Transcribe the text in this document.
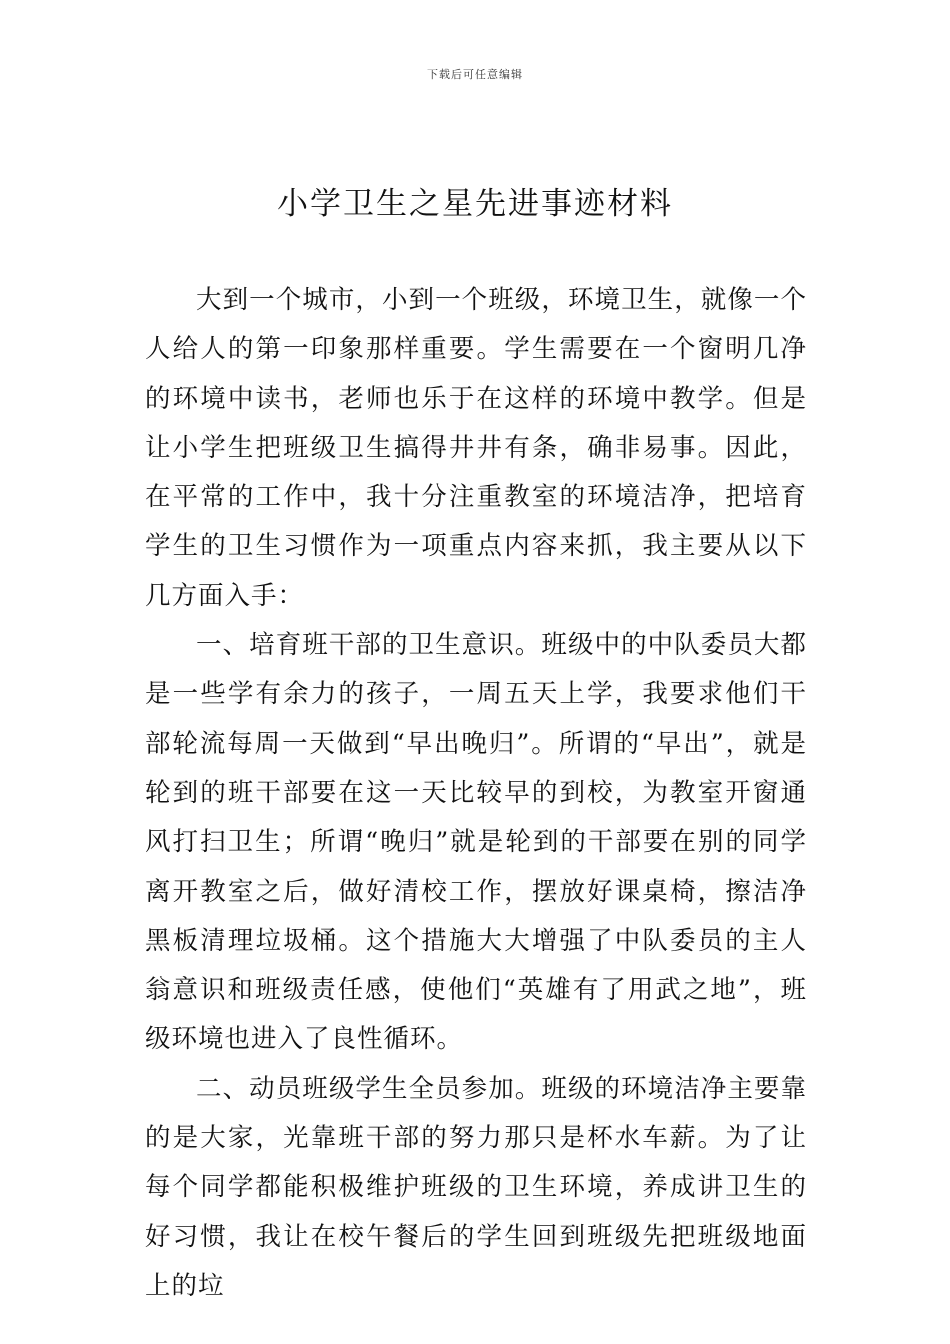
下载后可任意编辑
小学卫生之星先进事迹材料

大到一个城市，小到一个班级，环境卫生，就像一个人给人的第一印象那样重要。学生需要在一个窗明几净的环境中读书，老师也乐于在这样的环境中教学。但是让小学生把班级卫生搞得井井有条，确非易事。因此，在平常的工作中，我十分注重教室的环境洁净，把培育学生的卫生习惯作为一项重点内容来抓，我主要从以下几方面入手：

一、培育班干部的卫生意识。班级中的中队委员大都是一些学有余力的孩子，一周五天上学，我要求他们干部轮流每周一天做到“早出晚归”。所谓的“早出”，就是轮到的班干部要在这一天比较早的到校，为教室开窗通风打扫卫生；所谓“晚归”就是轮到的干部要在别的同学离开教室之后，做好清校工作，摆放好课桌椅，擦洁净黑板清理垃圾桶。这个措施大大增强了中队委员的主人翁意识和班级责任感，使他们“英雄有了用武之地”，班级环境也进入了良性循环。

二、动员班级学生全员参加。班级的环境洁净主要靠的是大家，光靠班干部的努力那只是杯水车薪。为了让每个同学都能积极维护班级的卫生环境，养成讲卫生的好习惯，我让在校午餐后的学生回到班级先把班级地面上的垃
